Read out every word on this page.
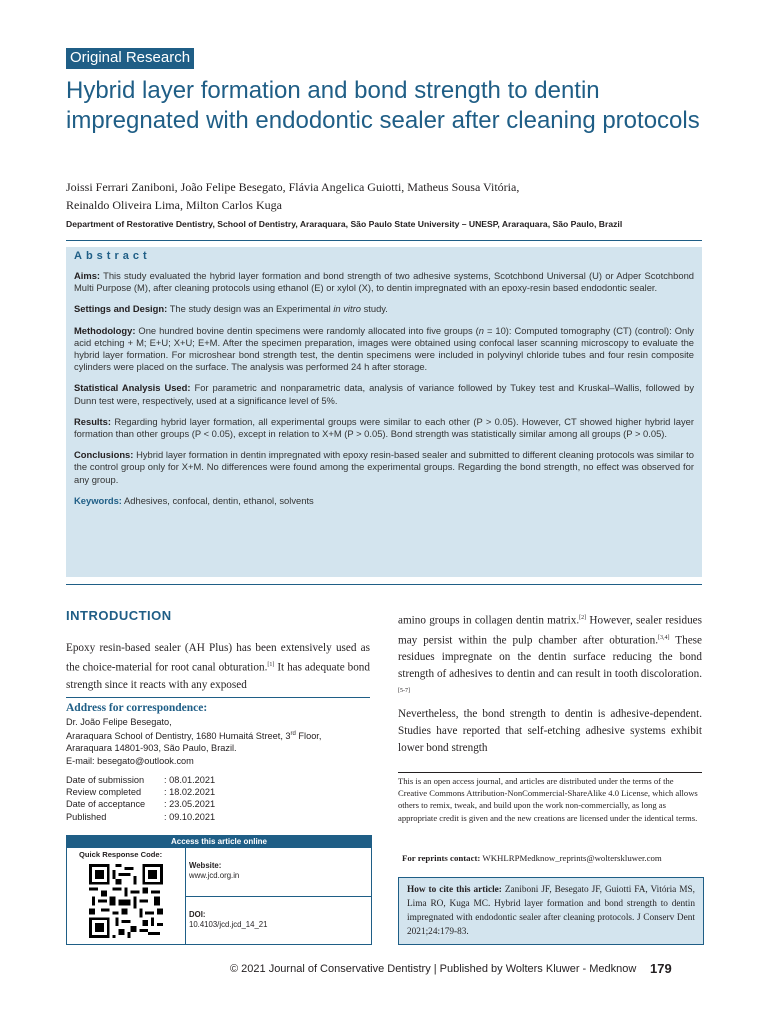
Original Research
Hybrid layer formation and bond strength to dentin impregnated with endodontic sealer after cleaning protocols
Joissi Ferrari Zaniboni, João Felipe Besegato, Flávia Angelica Guiotti, Matheus Sousa Vitória,
Reinaldo Oliveira Lima, Milton Carlos Kuga
Department of Restorative Dentistry, School of Dentistry, Araraquara, São Paulo State University – UNESP, Araraquara, São Paulo, Brazil
Abstract

Aims: This study evaluated the hybrid layer formation and bond strength of two adhesive systems, Scotchbond Universal (U) or Adper Scotchbond Multi Purpose (M), after cleaning protocols using ethanol (E) or xylol (X), to dentin impregnated with an epoxy-resin based endodontic sealer.

Settings and Design: The study design was an Experimental in vitro study.

Methodology: One hundred bovine dentin specimens were randomly allocated into five groups (n = 10): Computed tomography (CT) (control): Only acid etching + M; E+U; X+U; E+M. After the specimen preparation, images were obtained using confocal laser scanning microscopy to evaluate the hybrid layer formation. For microshear bond strength test, the dentin specimens were included in polyvinyl chloride tubes and four resin composite cylinders were placed on the surface. The analysis was performed 24 h after storage.

Statistical Analysis Used: For parametric and nonparametric data, analysis of variance followed by Tukey test and Kruskal–Wallis, followed by Dunn test were, respectively, used at a significance level of 5%.

Results: Regarding hybrid layer formation, all experimental groups were similar to each other (P > 0.05). However, CT showed higher hybrid layer formation than other groups (P < 0.05), except in relation to X+M (P > 0.05). Bond strength was statistically similar among all groups (P > 0.05).

Conclusions: Hybrid layer formation in dentin impregnated with epoxy resin-based sealer and submitted to different cleaning protocols was similar to the control group only for X+M. No differences were found among the experimental groups. Regarding the bond strength, no effect was observed for any group.

Keywords: Adhesives, confocal, dentin, ethanol, solvents

INTRODUCTION
Epoxy resin-based sealer (AH Plus) has been extensively used as the choice-material for root canal obturation.[1] It has adequate bond strength since it reacts with any exposed
Address for correspondence:
Dr. João Felipe Besegato,
Araraquara School of Dentistry, 1680 Humaitá Street, 3rd Floor,
Araraquara 14801-903, São Paulo, Brazil.
E-mail: besegato@outlook.com
Date of submission	: 08.01.2021
Review completed	: 18.02.2021
Date of acceptance	: 23.05.2021
Published	: 09.10.2021
Access this article online
Quick Response Code:
Website:
www.jcd.org.in
DOI:
10.4103/jcd.jcd_14_21
amino groups in collagen dentin matrix.[2] However, sealer residues may persist within the pulp chamber after obturation.[3,4] These residues impregnate on the dentin surface reducing the bond strength of adhesives to dentin and can result in tooth discoloration.[5-7]
Nevertheless, the bond strength to dentin is adhesive-dependent. Studies have reported that self-etching adhesive systems exhibit lower bond strength
This is an open access journal, and articles are distributed under the terms of the Creative Commons Attribution-NonCommercial-ShareAlike 4.0 License, which allows others to remix, tweak, and build upon the work non-commercially, as long as appropriate credit is given and the new creations are licensed under the identical terms.
For reprints contact: WKHLRPMedknow_reprints@wolterskluwer.com
How to cite this article: Zaniboni JF, Besegato JF, Guiotti FA, Vitória MS, Lima RO, Kuga MC. Hybrid layer formation and bond strength to dentin impregnated with endodontic sealer after cleaning protocols. J Conserv Dent 2021;24:179-83.
© 2021 Journal of Conservative Dentistry | Published by Wolters Kluwer - Medknow 179
